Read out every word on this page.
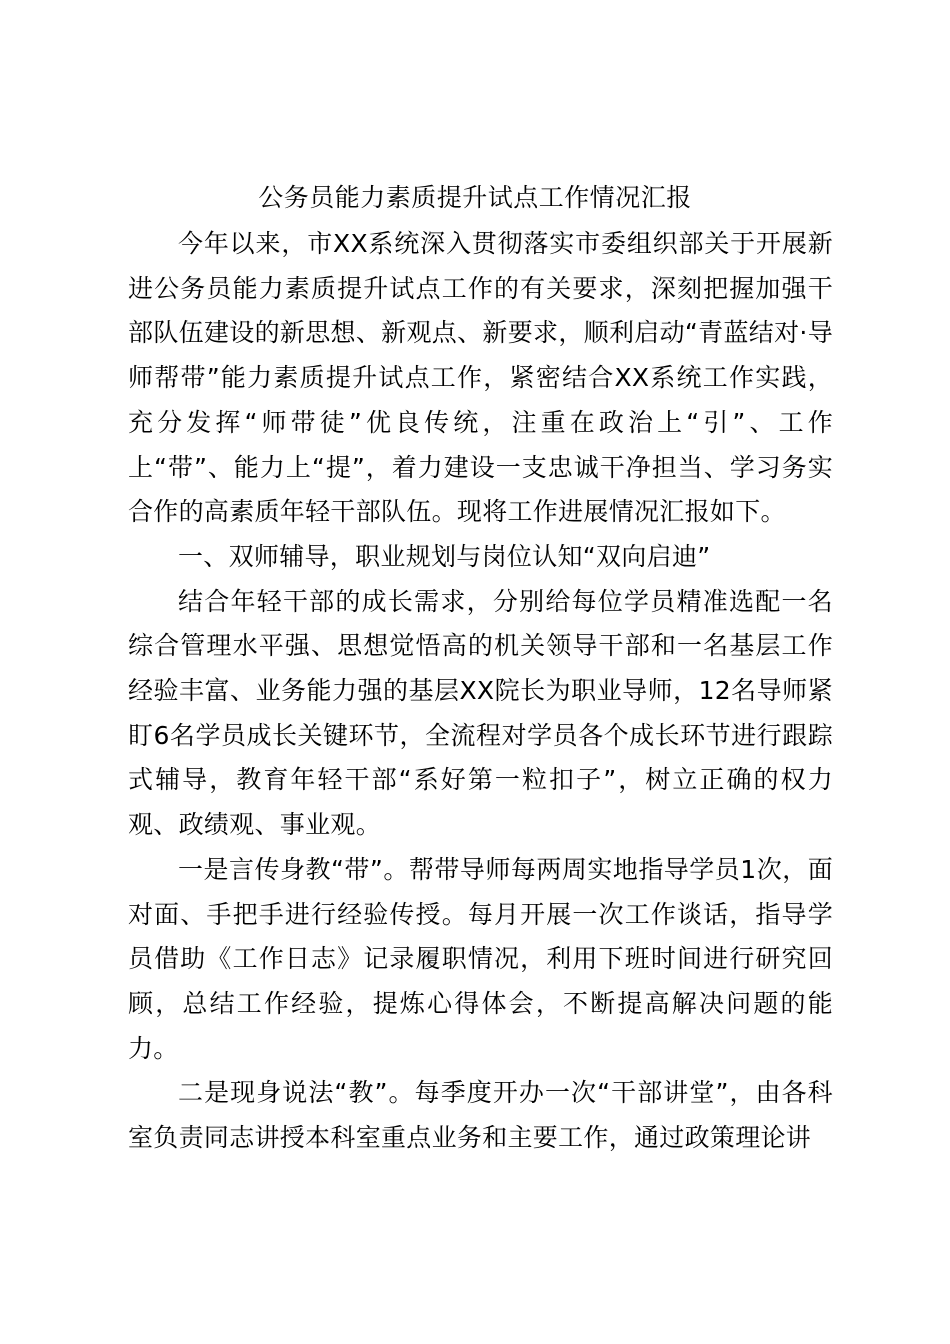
公务员能力素质提升试点工作情况汇报

今年以来，市XX系统深入贯彻落实市委组织部关于开展新进公务员能力素质提升试点工作的有关要求，深刻把握加强干部队伍建设的新思想、新观点、新要求，顺利启动“青蓝结对·导师帮带”能力素质提升试点工作，紧密结合XX系统工作实践，充分发挥“师带徒”优良传统，注重在政治上“引”、工作上“带”、能力上“提”，着力建设一支忠诚干净担当、学习务实合作的高素质年轻干部队伍。现将工作进展情况汇报如下。

一、双师辅导，职业规划与岗位认知“双向启迪”

结合年轻干部的成长需求，分别给每位学员精准选配一名综合管理水平强、思想觉悟高的机关领导干部和一名基层工作经验丰富、业务能力强的基层XX院长为职业导师，12名导师紧盯6名学员成长关键环节，全流程对学员各个成长环节进行跟踪式辅导，教育年轻干部“系好第一粒扣子”，树立正确的权力观、政绩观、事业观。

一是言传身教“带”。帮带导师每两周实地指导学员1次，面对面、手把手进行经验传授。每月开展一次工作谈话，指导学员借助《工作日志》记录履职情况，利用下班时间进行研究回顾，总结工作经验，提炼心得体会，不断提高解决问题的能力。

二是现身说法“教”。每季度开办一次“干部讲堂”，由各科室负责同志讲授本科室重点业务和主要工作，通过政策理论讲
